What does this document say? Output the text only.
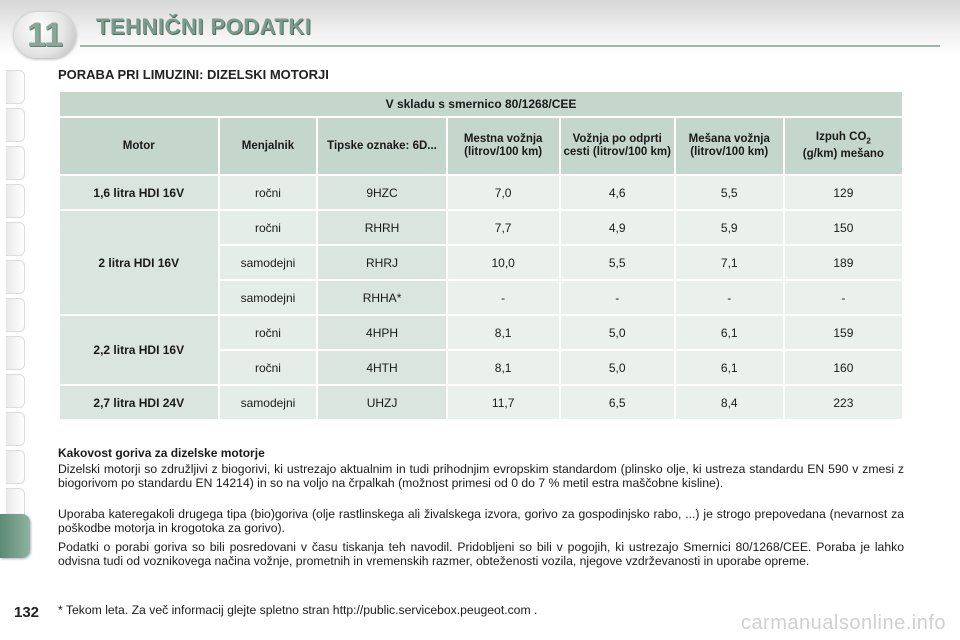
11	TEHNIČNI PODATKI
PORABA PRI LIMUZINI: DIZELSKI MOTORJI
V skladu s smernico 80/1268/CEE						
Motor	Menjalnik	Tipske oznake: 6D...	Mestna vožnja (litrov/100 km)	Vožnja po odprti cesti (litrov/100 km)	Mešana vožnja (litrov/100 km)	Izpuh $CO_2$
(g/km) mešano
1,6 litra HDI 16V	ročni	9HZC	7,0	4,6	5,5	129
2 litra HDI 16V	ročni	RHRH	7,7	4,9	5,9	150
	samodejni	RHRJ	10,0	5,5	7,1	189
	samodejni	RHHA*	-	-	-	-
2,2 litra HDI 16V	ročni	4HPH	8,1	5,0	6,1	159
	ročni	4HTH	8,1	5,0	6,1	160
2,7 litra HDI 24V	samodejni	UHZJ	11,7	6,5	8,4	223
Kakovost goriva za dizelske motorje
Dizelski motorji so združljivi z biogorivi, ki ustrezajo aktualnim in tudi prihodnjim evropskim standardom (plinsko olje, ki ustreza standardu EN 590 v zmesi z biogorivom po standardu EN 14214) in so na voljo na črpalkah (možnost primesi od 0 do 7 % metil estra maščobne kisline).
Uporaba kateregakoli drugega tipa (bio)goriva (olje rastlinskega ali živalskega izvora, gorivo za gospodinjsko rabo, ...) je strogo prepovedana (nevarnost za poškodbe motorja in krogotoka za gorivo).
Podatki o porabi goriva so bili posredovani v času tiskanja teh navodil. Pridobljeni so bili v pogojih, ki ustrezajo Smernici 80/1268/CEE. Poraba je lahko odvisna tudi od voznikovega načina vožnje, prometnih in vremenskih razmer, obteženosti vozila, njegove vzdrževanosti in uporabe opreme.
132 * Tekom leta. Za več informacij glejte spletno stran http://public.servicebox.peugeot.com .
carmanualsonline.info
